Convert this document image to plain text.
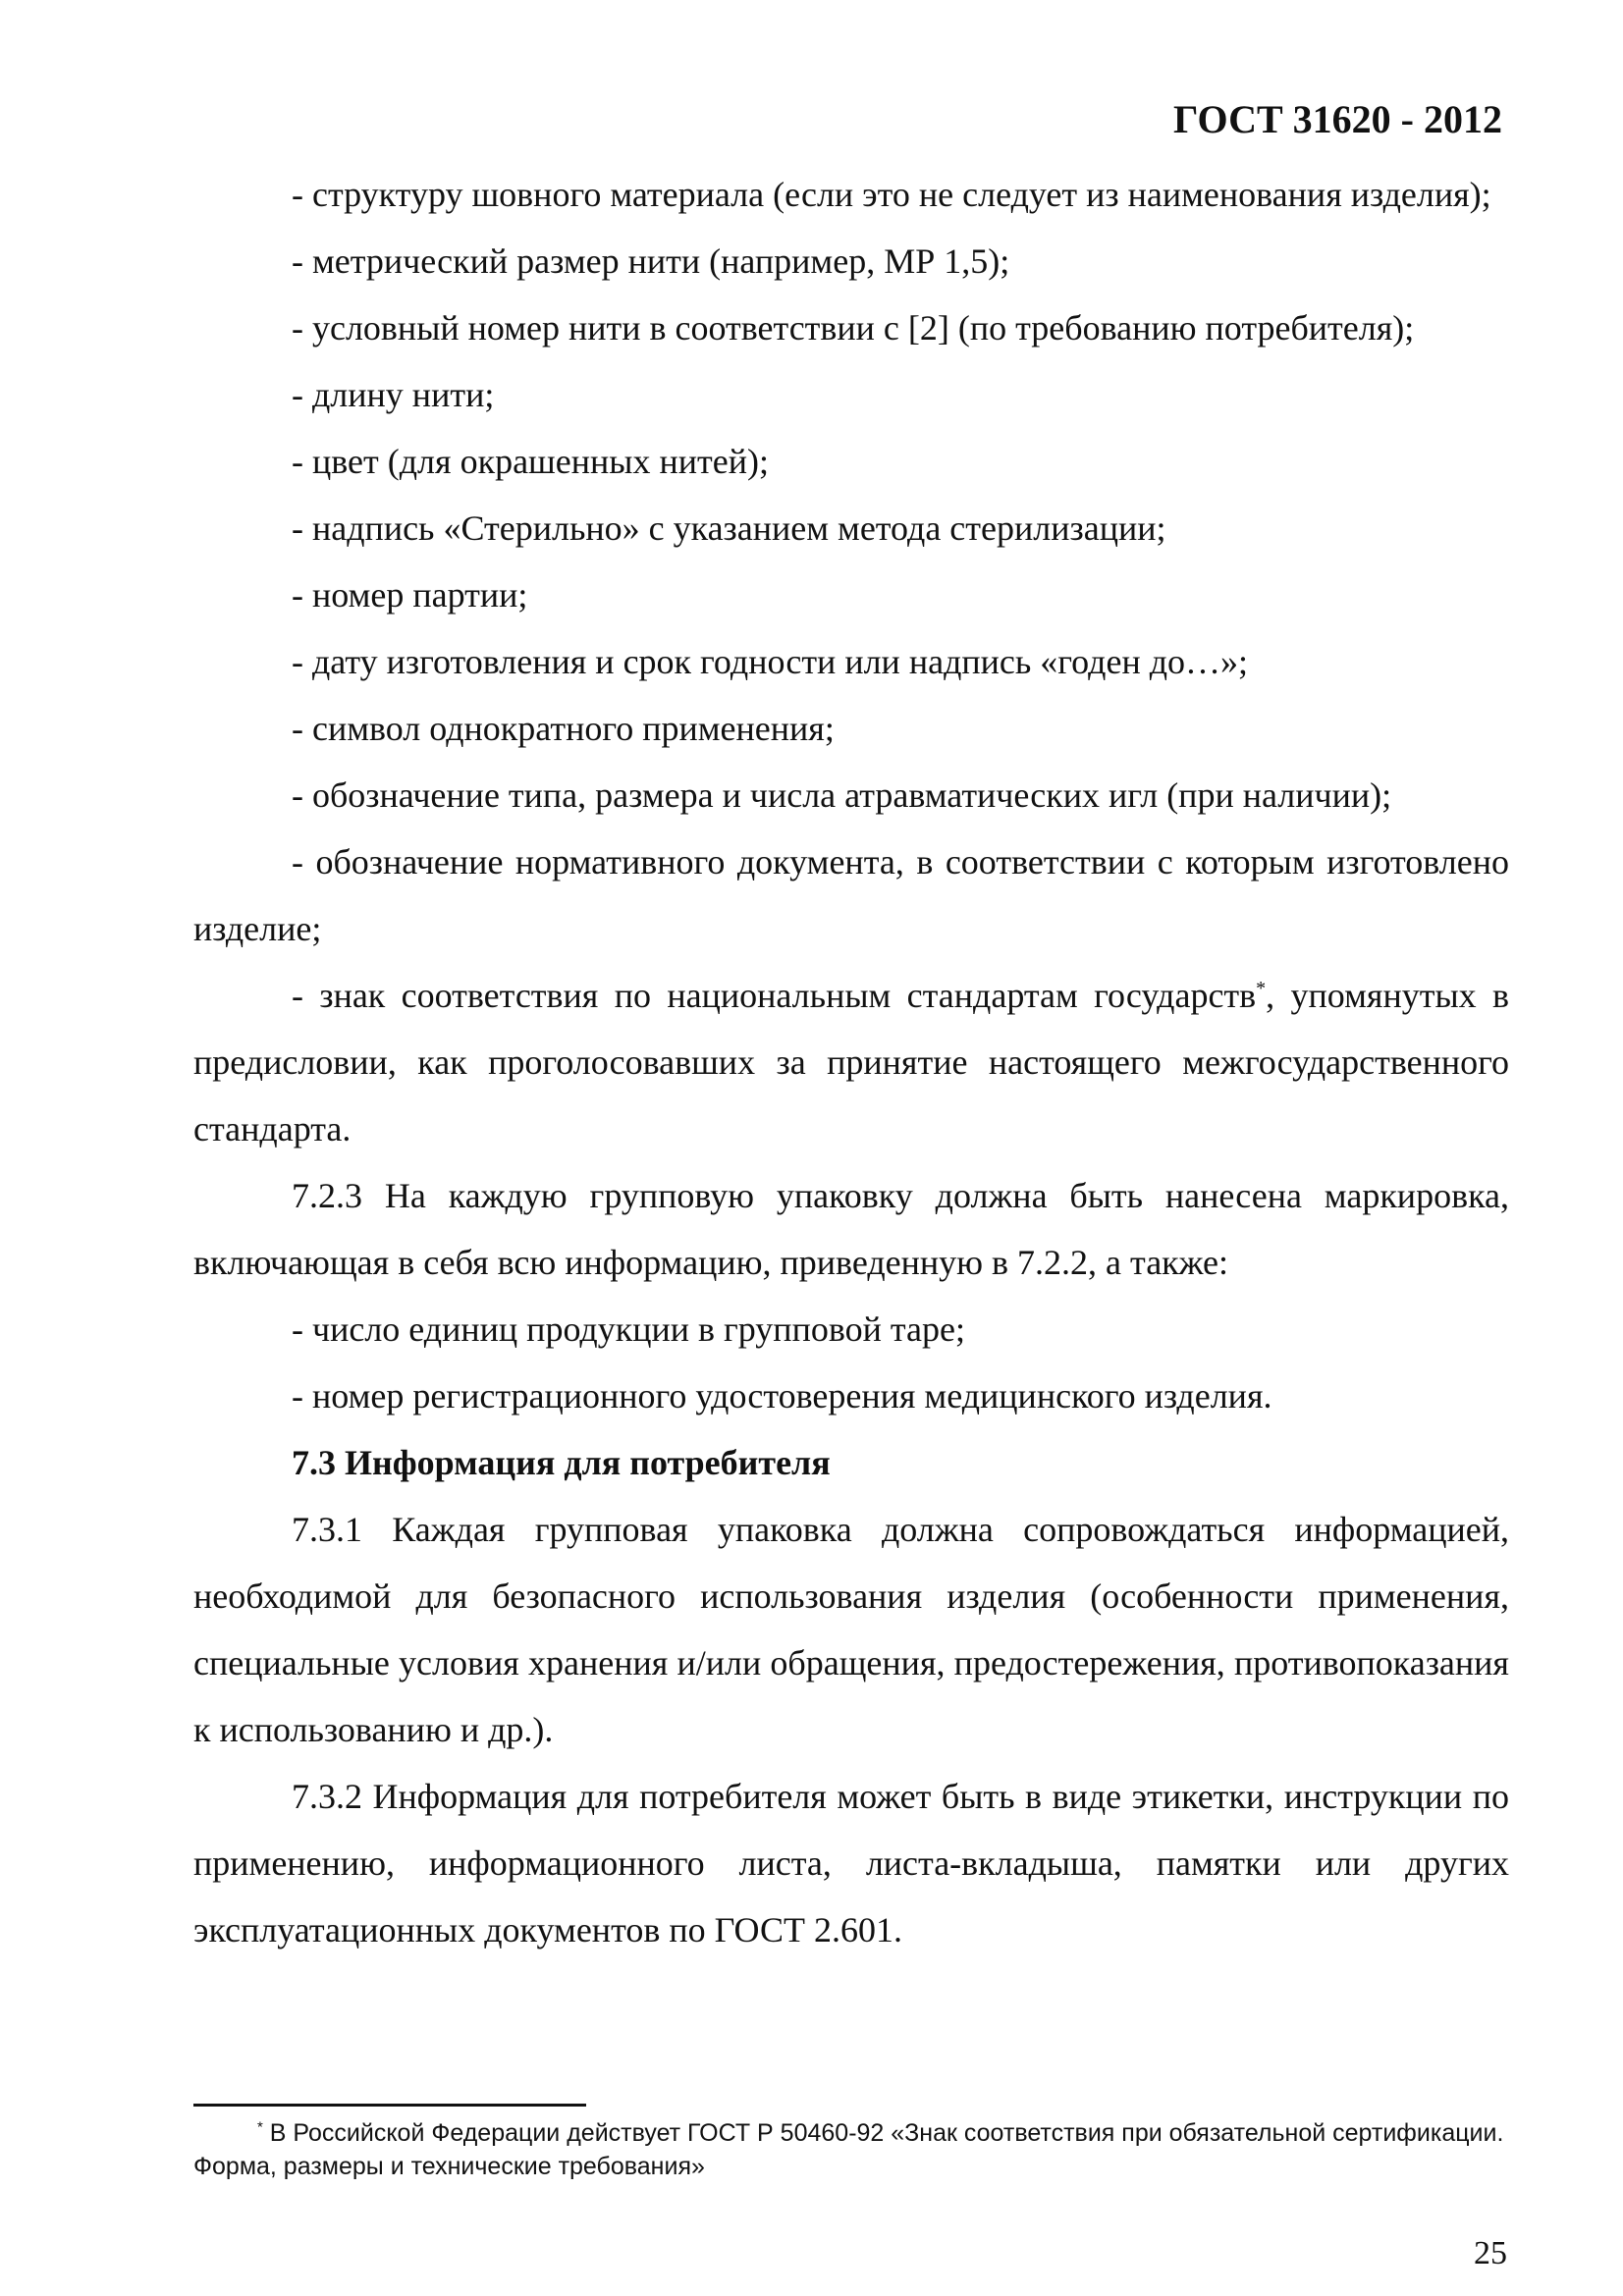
ГОСТ 31620 - 2012

- структуру шовного материала (если это не следует из наименования изделия);

- метрический размер нити (например, МР 1,5);

- условный номер нити в соответствии с [2] (по требованию потребителя);

- длину нити;

- цвет (для окрашенных нитей);

- надпись «Стерильно» с указанием метода стерилизации;

- номер партии;

- дату изготовления и срок годности или надпись «годен до…»;

- символ однократного применения;

- обозначение типа, размера и числа атравматических игл (при наличии);

- обозначение нормативного документа, в соответствии с которым изготовлено изделие;

- знак соответствия по национальным стандартам государств*, упомянутых в предисловии, как проголосовавших за принятие настоящего межгосударственного стандарта.

7.2.3 На каждую групповую упаковку должна быть нанесена маркировка, включающая в себя всю информацию, приведенную в 7.2.2, а также:

- число единиц продукции в групповой таре;

- номер регистрационного удостоверения медицинского изделия.

7.3 Информация для потребителя

7.3.1 Каждая групповая упаковка должна сопровождаться информацией, необходимой для безопасного использования изделия (особенности применения, специальные условия хранения и/или обращения, предостережения, противопоказания к использованию и др.).

7.3.2 Информация для потребителя может быть в виде этикетки, инструкции по применению, информационного листа, листа-вкладыша, памятки или других эксплуатационных документов по ГОСТ 2.601.

* В Российской Федерации действует ГОСТ Р 50460-92 «Знак соответствия при обязательной сертификации. Форма, размеры и технические требования»
25
